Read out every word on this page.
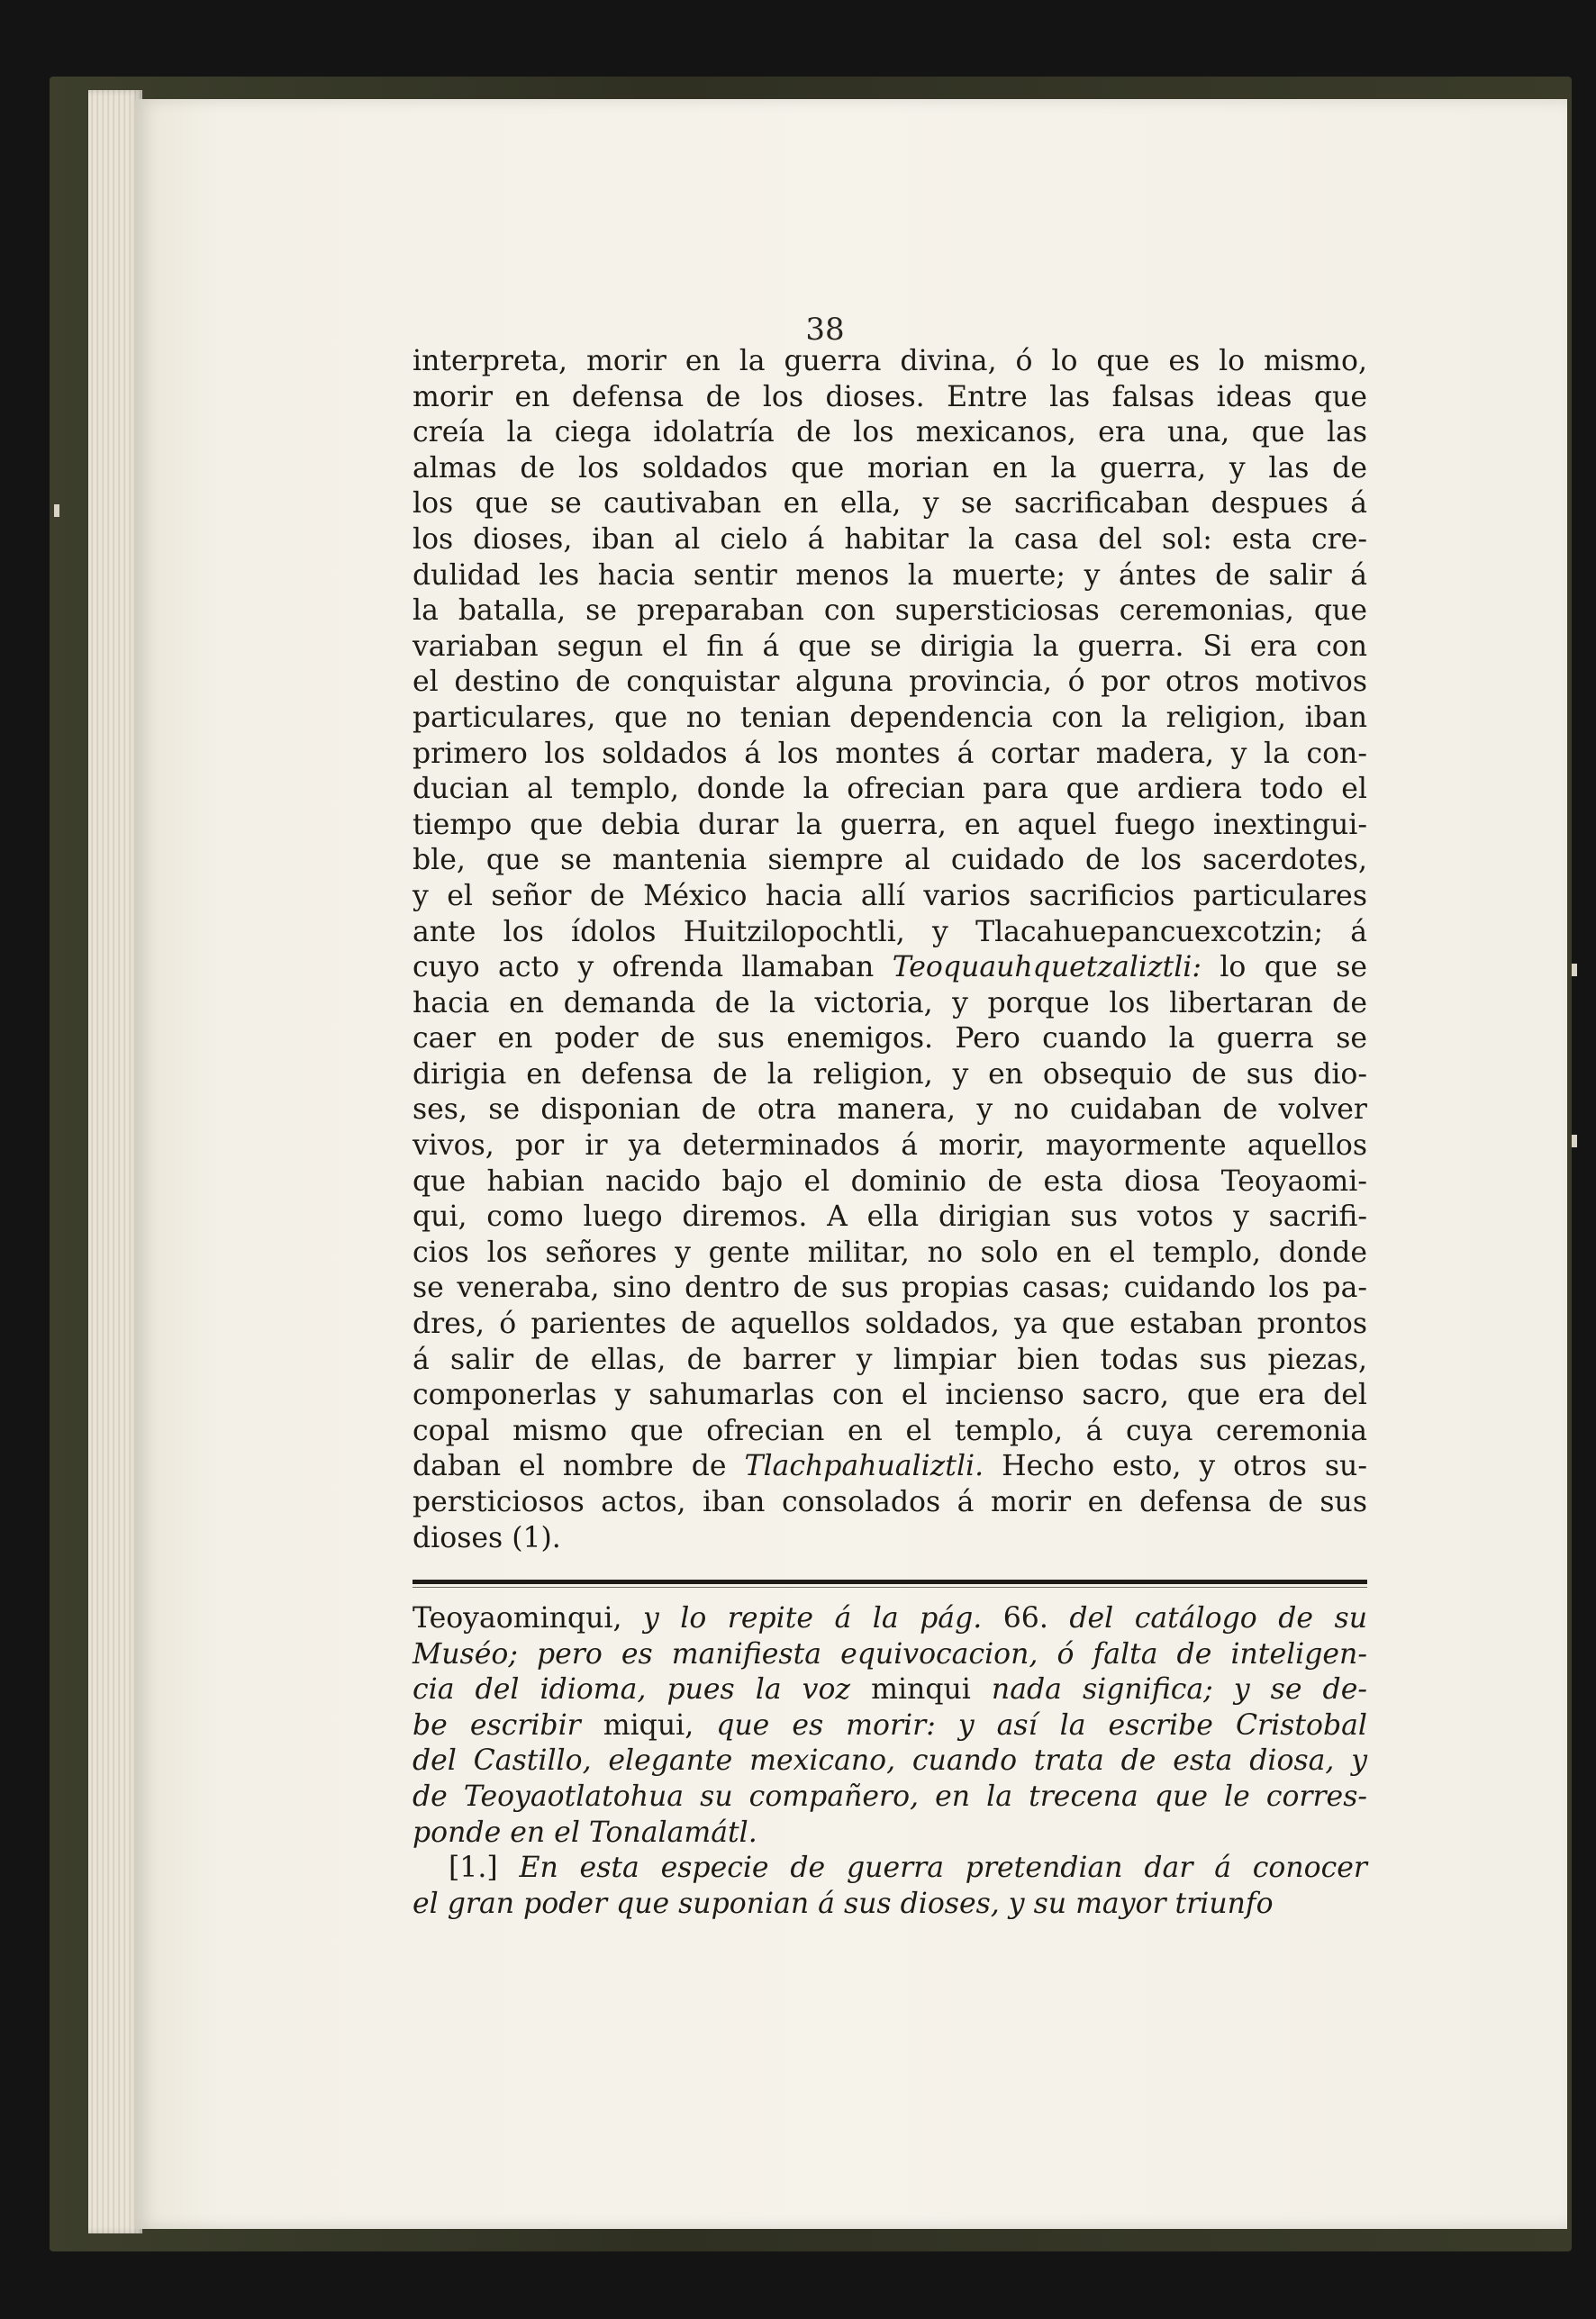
38
interpreta, morir en la guerra divina, ó lo que es lo mismo,
morir en defensa de los dioses. Entre las falsas ideas que
creía la ciega idolatría de los mexicanos, era una, que las
almas de los soldados que morian en la guerra, y las de
los que se cautivaban en ella, y se sacrificaban despues á
los dioses, iban al cielo á habitar la casa del sol: esta cre-
dulidad les hacia sentir menos la muerte; y ántes de salir á
la batalla, se preparaban con supersticiosas ceremonias, que
variaban segun el fin á que se dirigia la guerra. Si era con
el destino de conquistar alguna provincia, ó por otros motivos
particulares, que no tenian dependencia con la religion, iban
primero los soldados á los montes á cortar madera, y la con-
ducian al templo, donde la ofrecian para que ardiera todo el
tiempo que debia durar la guerra, en aquel fuego inextingui-
ble, que se mantenia siempre al cuidado de los sacerdotes,
y el señor de México hacia allí varios sacrificios particulares
ante los ídolos Huitzilopochtli, y Tlacahuepancuexcotzin; á
cuyo acto y ofrenda llamaban Teoquauhquetzaliztli: lo que se
hacia en demanda de la victoria, y porque los libertaran de
caer en poder de sus enemigos. Pero cuando la guerra se
dirigia en defensa de la religion, y en obsequio de sus dio-
ses, se disponian de otra manera, y no cuidaban de volver
vivos, por ir ya determinados á morir, mayormente aquellos
que habian nacido bajo el dominio de esta diosa Teoyaomi-
qui, como luego diremos. A ella dirigian sus votos y sacrifi-
cios los señores y gente militar, no solo en el templo, donde
se veneraba, sino dentro de sus propias casas; cuidando los pa-
dres, ó parientes de aquellos soldados, ya que estaban prontos
á salir de ellas, de barrer y limpiar bien todas sus piezas,
componerlas y sahumarlas con el incienso sacro, que era del
copal mismo que ofrecian en el templo, á cuya ceremonia
daban el nombre de Tlachpahualiztli. Hecho esto, y otros su-
persticiosos actos, iban consolados á morir en defensa de sus
dioses (1).
Teoyaominqui, y lo repite á la pág. 66. del catálogo de su
Muséo; pero es manifiesta equivocacion, ó falta de inteligen-
cia del idioma, pues la voz minqui nada significa; y se de-
be escribir miqui, que es morir: y así la escribe Cristobal
del Castillo, elegante mexicano, cuando trata de esta diosa, y
de Teoyaotlatohua su compañero, en la trecena que le corres-
ponde en el Tonalamátl.
[1.] En esta especie de guerra pretendian dar á conocer
el gran poder que suponian á sus dioses, y su mayor triunfo
